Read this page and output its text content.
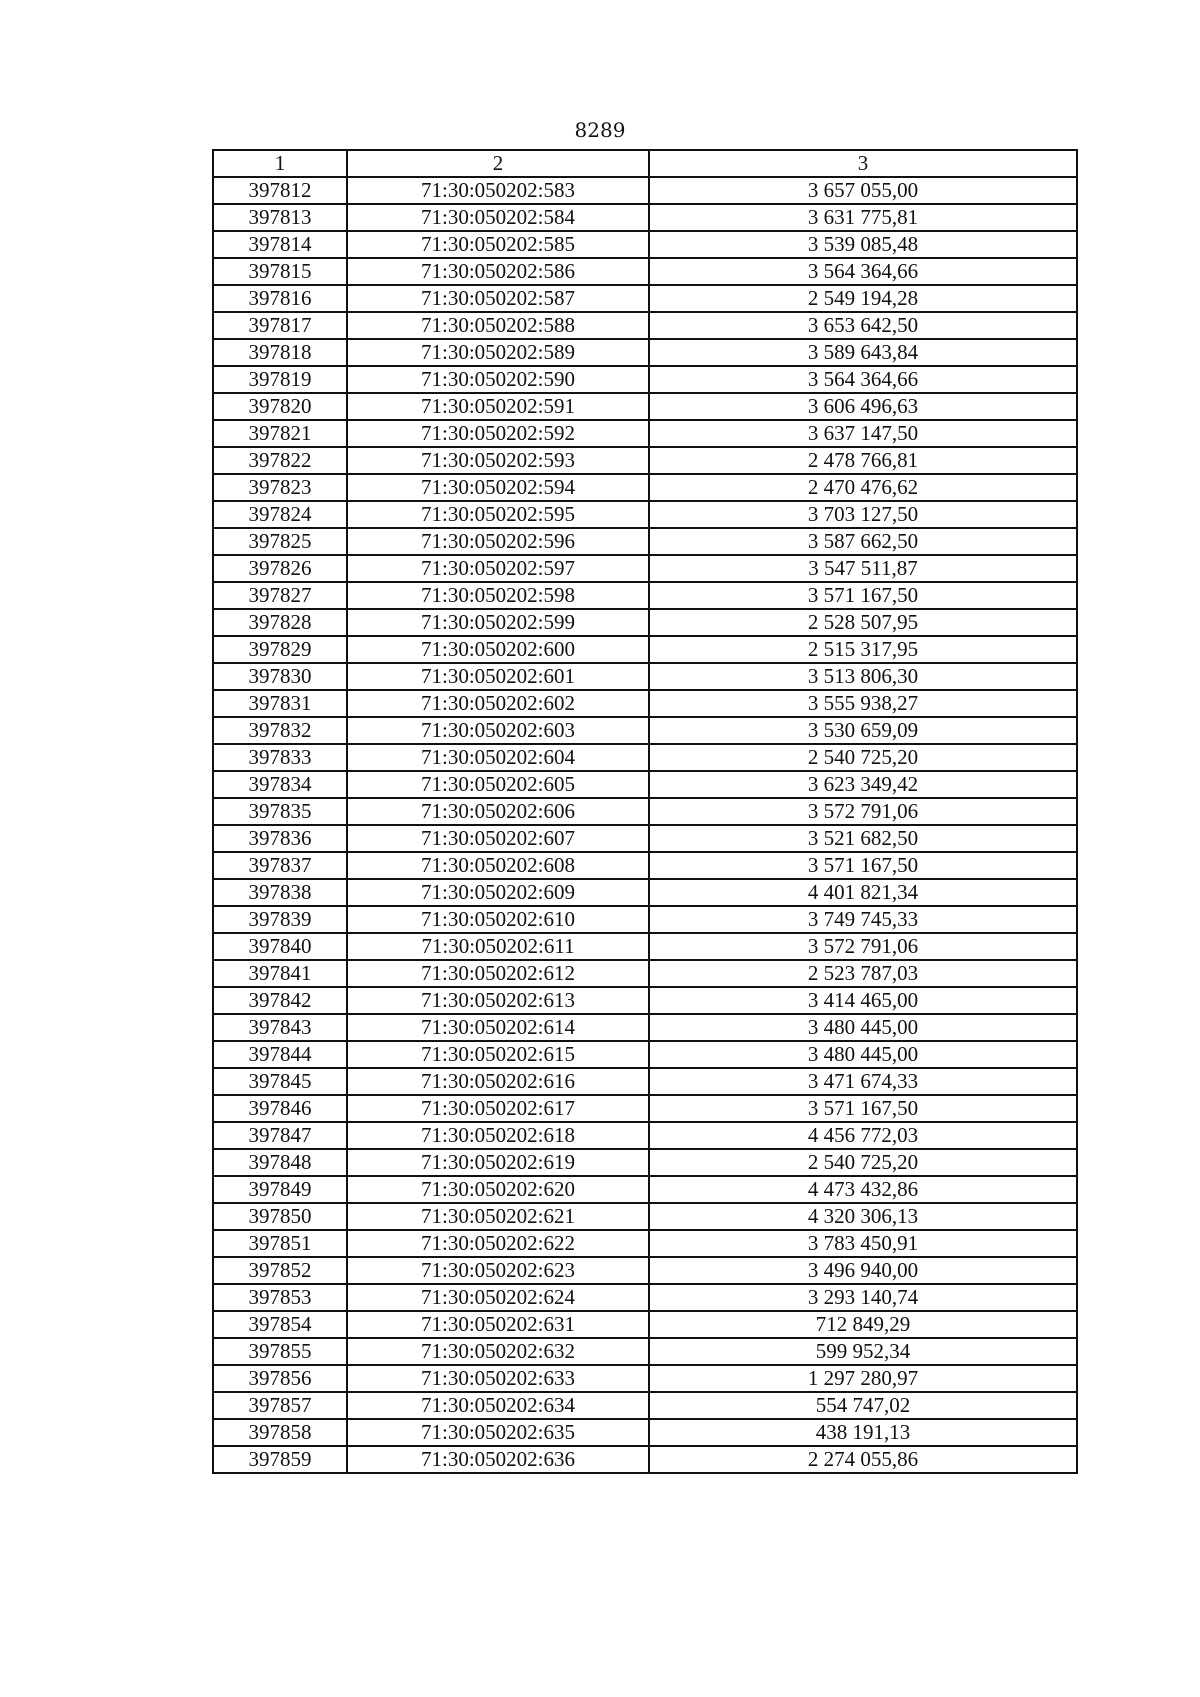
8289
1	2	3
397812	71:30:050202:583	3 657 055,00
397813	71:30:050202:584	3 631 775,81
397814	71:30:050202:585	3 539 085,48
397815	71:30:050202:586	3 564 364,66
397816	71:30:050202:587	2 549 194,28
397817	71:30:050202:588	3 653 642,50
397818	71:30:050202:589	3 589 643,84
397819	71:30:050202:590	3 564 364,66
397820	71:30:050202:591	3 606 496,63
397821	71:30:050202:592	3 637 147,50
397822	71:30:050202:593	2 478 766,81
397823	71:30:050202:594	2 470 476,62
397824	71:30:050202:595	3 703 127,50
397825	71:30:050202:596	3 587 662,50
397826	71:30:050202:597	3 547 511,87
397827	71:30:050202:598	3 571 167,50
397828	71:30:050202:599	2 528 507,95
397829	71:30:050202:600	2 515 317,95
397830	71:30:050202:601	3 513 806,30
397831	71:30:050202:602	3 555 938,27
397832	71:30:050202:603	3 530 659,09
397833	71:30:050202:604	2 540 725,20
397834	71:30:050202:605	3 623 349,42
397835	71:30:050202:606	3 572 791,06
397836	71:30:050202:607	3 521 682,50
397837	71:30:050202:608	3 571 167,50
397838	71:30:050202:609	4 401 821,34
397839	71:30:050202:610	3 749 745,33
397840	71:30:050202:611	3 572 791,06
397841	71:30:050202:612	2 523 787,03
397842	71:30:050202:613	3 414 465,00
397843	71:30:050202:614	3 480 445,00
397844	71:30:050202:615	3 480 445,00
397845	71:30:050202:616	3 471 674,33
397846	71:30:050202:617	3 571 167,50
397847	71:30:050202:618	4 456 772,03
397848	71:30:050202:619	2 540 725,20
397849	71:30:050202:620	4 473 432,86
397850	71:30:050202:621	4 320 306,13
397851	71:30:050202:622	3 783 450,91
397852	71:30:050202:623	3 496 940,00
397853	71:30:050202:624	3 293 140,74
397854	71:30:050202:631	712 849,29
397855	71:30:050202:632	599 952,34
397856	71:30:050202:633	1 297 280,97
397857	71:30:050202:634	554 747,02
397858	71:30:050202:635	438 191,13
397859	71:30:050202:636	2 274 055,86
